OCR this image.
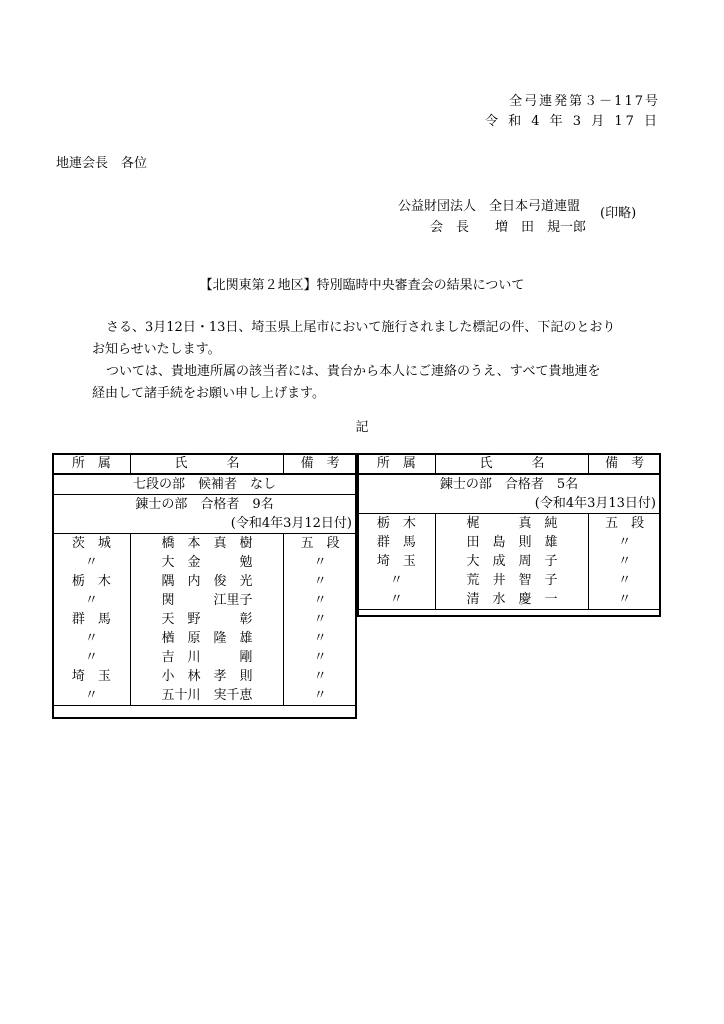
全弓連発第３－117号
令 和 4 年 3 月 17 日
地連会長　各位
公益財団法人　全日本弓道連盟
会　長　　増　田　規一郎
(印略)
【北関東第２地区】特別臨時中央審査会の結果について

さる、3月12日・13日、埼玉県上尾市において施行されました標記の件、下記のとおり

お知らせいたします。

ついては、貴地連所属の該当者には、貴台から本人にご連絡のうえ、すべて貴地連を

経由して諸手続をお願い申し上げます。

記
所　属	氏　　　名	備　考
七段の部　候補者　なし		
錬士の部　合格者　9名		
(令和4年3月12日付)		
茨　城	橋　本　真　樹	五　段
〃	大　金　　　勉	〃
栃　木	隅　内　俊　光	〃
〃	関　　　江里子	〃
群　馬	天　野　　　彰	〃
〃	楢　原　隆　雄	〃
〃	吉　川　　　剛	〃
埼　玉	小　林　孝　則	〃
〃	五十川　実千恵	〃
所　属	氏　　　名	備　考
錬士の部　合格者　5名		
(令和4年3月13日付)		
栃　木	梶　　　真　純	五　段
群　馬	田　島　則　雄	〃
埼　玉	大　成　周　子	〃
〃	荒　井　智　子	〃
〃	清　水　慶　一	〃
